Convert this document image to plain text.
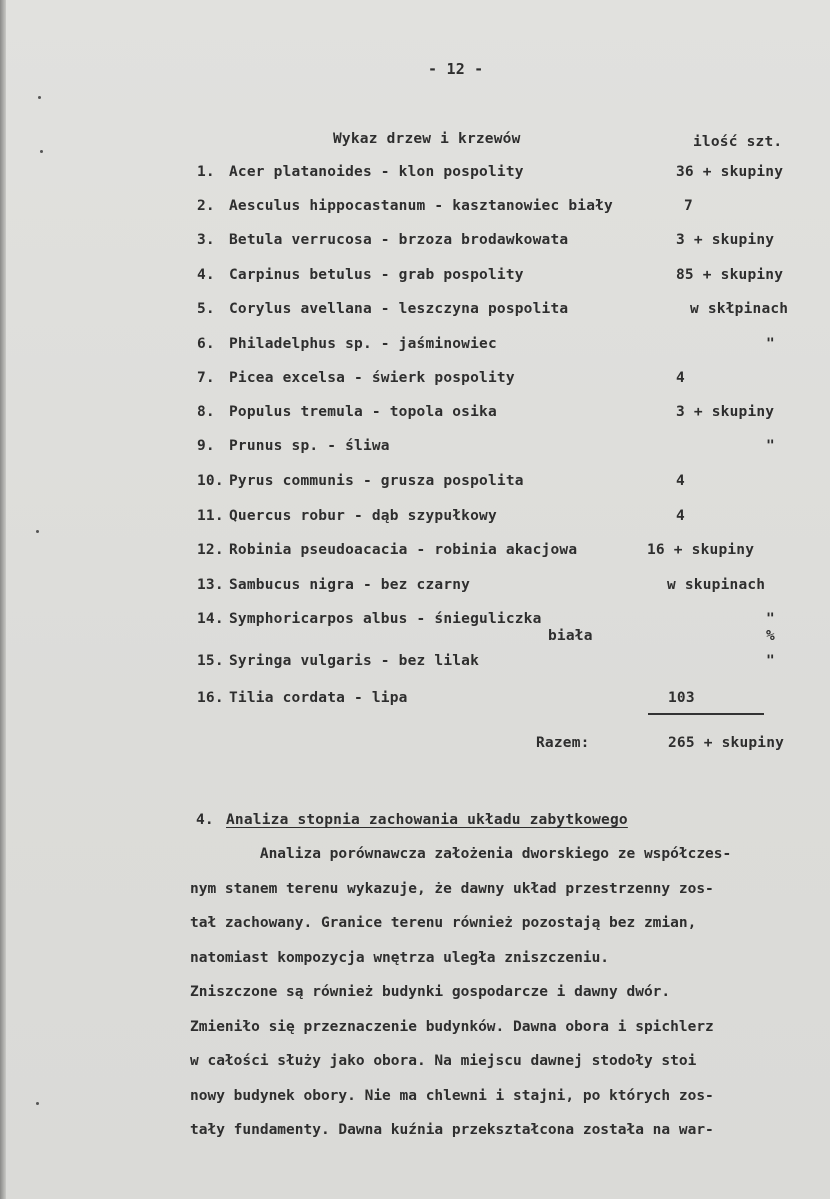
- 12 -
Wykaz drzew i krzewów	ilość szt.
1. Acer platanoides - klon pospolity	36 + skupiny
2. Aesculus hippocastanum - kasztanowiec biały	7
3. Betula verrucosa - brzoza brodawkowata	3 + skupiny
4. Carpinus betulus - grab pospolity	85 + skupiny
5. Corylus avellana - leszczyna pospolita	w skłpinach
6. Philadelphus sp. - jaśminowiec	"
7. Picea excelsa - świerk pospolity	4
8. Populus tremula - topola osika	3 + skupiny
9. Prunus sp. - śliwa	"
10. Pyrus communis - grusza pospolita	4
11. Quercus robur - dąb szypułkowy	4
12. Robinia pseudoacacia - robinia akacjowa	16 + skupiny
13. Sambucus nigra - bez czarny	w skupinach
14. Symphoricarpos albus - śnieguliczka	"
biała	%
15. Syringa vulgaris - bez lilak	"
16. Tilia cordata - lipa	103
Razem:	265 + skupiny
4. Analiza stopnia zachowania układu zabytkowego
Analiza porównawcza założenia dworskiego ze współczes-
nym stanem terenu wykazuje, że dawny układ przestrzenny zos-
tał zachowany. Granice terenu również pozostają bez zmian,
natomiast kompozycja wnętrza uległa zniszczeniu.
Zniszczone są również budynki gospodarcze i dawny dwór.
Zmieniło się przeznaczenie budynków. Dawna obora i spichlerz
w całości służy jako obora. Na miejscu dawnej stodoły stoi
nowy budynek obory. Nie ma chlewni i stajni, po których zos-
tały fundamenty. Dawna kuźnia przekształcona została na war-
